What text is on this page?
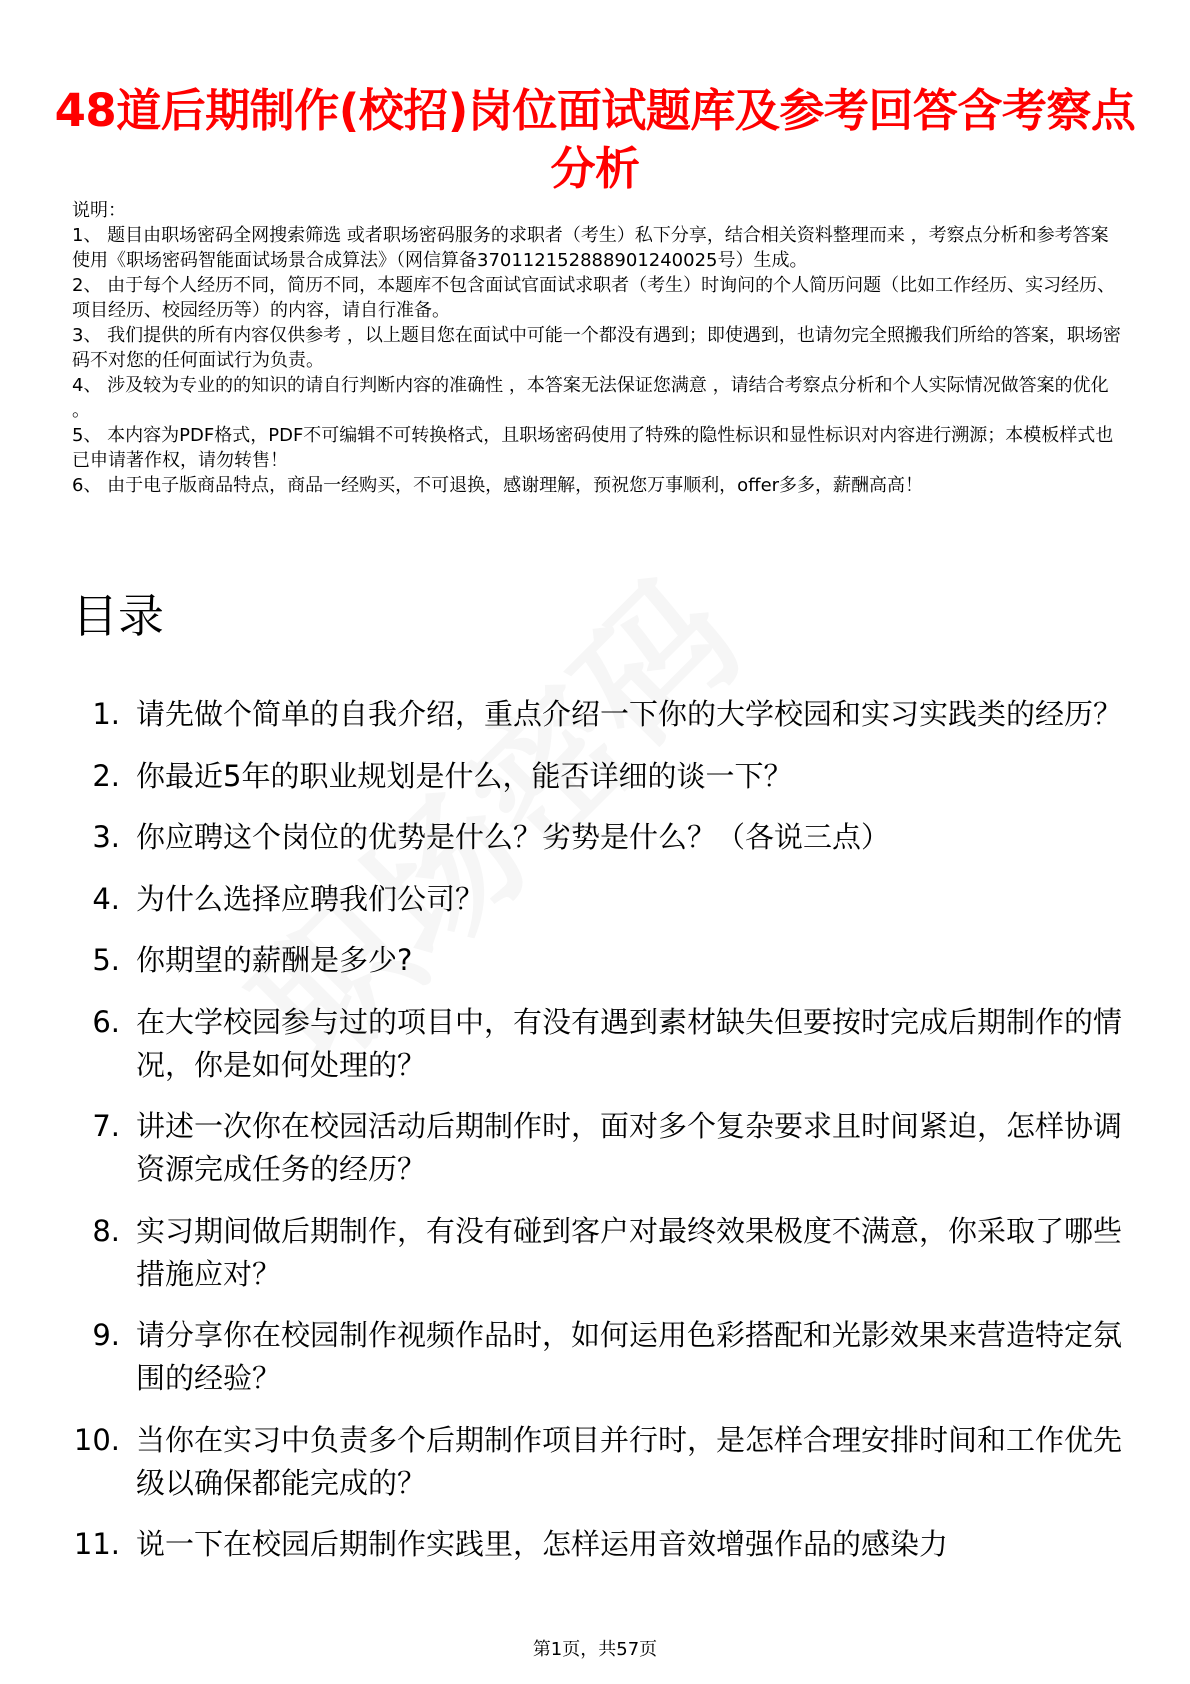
48道后期制作(校招)岗位面试题库及参考回答含考察点分析

说明：

1、 题目由职场密码全网搜索筛选 或者职场密码服务的求职者（考生）私下分享，结合相关资料整理而来 ，考察点分析和参考答案使用《职场密码智能面试场景合成算法》（网信算备370112152888901240025号）生成。

2、 由于每个人经历不同，简历不同，本题库不包含面试官面试求职者（考生）时询问的个人简历问题（比如工作经历、实习经历、项目经历、校园经历等）的内容，请自行准备。

3、 我们提供的所有内容仅供参考 ，以上题目您在面试中可能一个都没有遇到；即使遇到，也请勿完全照搬我们所给的答案，职场密码不对您的任何面试行为负责。

4、 涉及较为专业的的知识的请自行判断内容的准确性 ，本答案无法保证您满意 ，请结合考察点分析和个人实际情况做答案的优化 。

5、 本内容为PDF格式，PDF不可编辑不可转换格式，且职场密码使用了特殊的隐性标识和显性标识对内容进行溯源；本模板样式也已申请著作权，请勿转售！

6、 由于电子版商品特点，商品一经购买，不可退换，感谢理解，预祝您万事顺利，offer多多，薪酬高高！

目录
1. 请先做个简单的自我介绍，重点介绍一下你的大学校园和实习实践类的经历？
2. 你最近5年的职业规划是什么，能否详细的谈一下？
3. 你应聘这个岗位的优势是什么？劣势是什么？（各说三点）
4. 为什么选择应聘我们公司？
5. 你期望的薪酬是多少?
6. 在大学校园参与过的项目中，有没有遇到素材缺失但要按时完成后期制作的情况，你是如何处理的？
7. 讲述一次你在校园活动后期制作时，面对多个复杂要求且时间紧迫，怎样协调资源完成任务的经历？
8. 实习期间做后期制作，有没有碰到客户对最终效果极度不满意，你采取了哪些措施应对？
9. 请分享你在校园制作视频作品时，如何运用色彩搭配和光影效果来营造特定氛围的经验？
10. 当你在实习中负责多个后期制作项目并行时，是怎样合理安排时间和工作优先级以确保都能完成的？
11. 说一下在校园后期制作实践里，怎样运用音效增强作品的感染力
第1页，共57页
